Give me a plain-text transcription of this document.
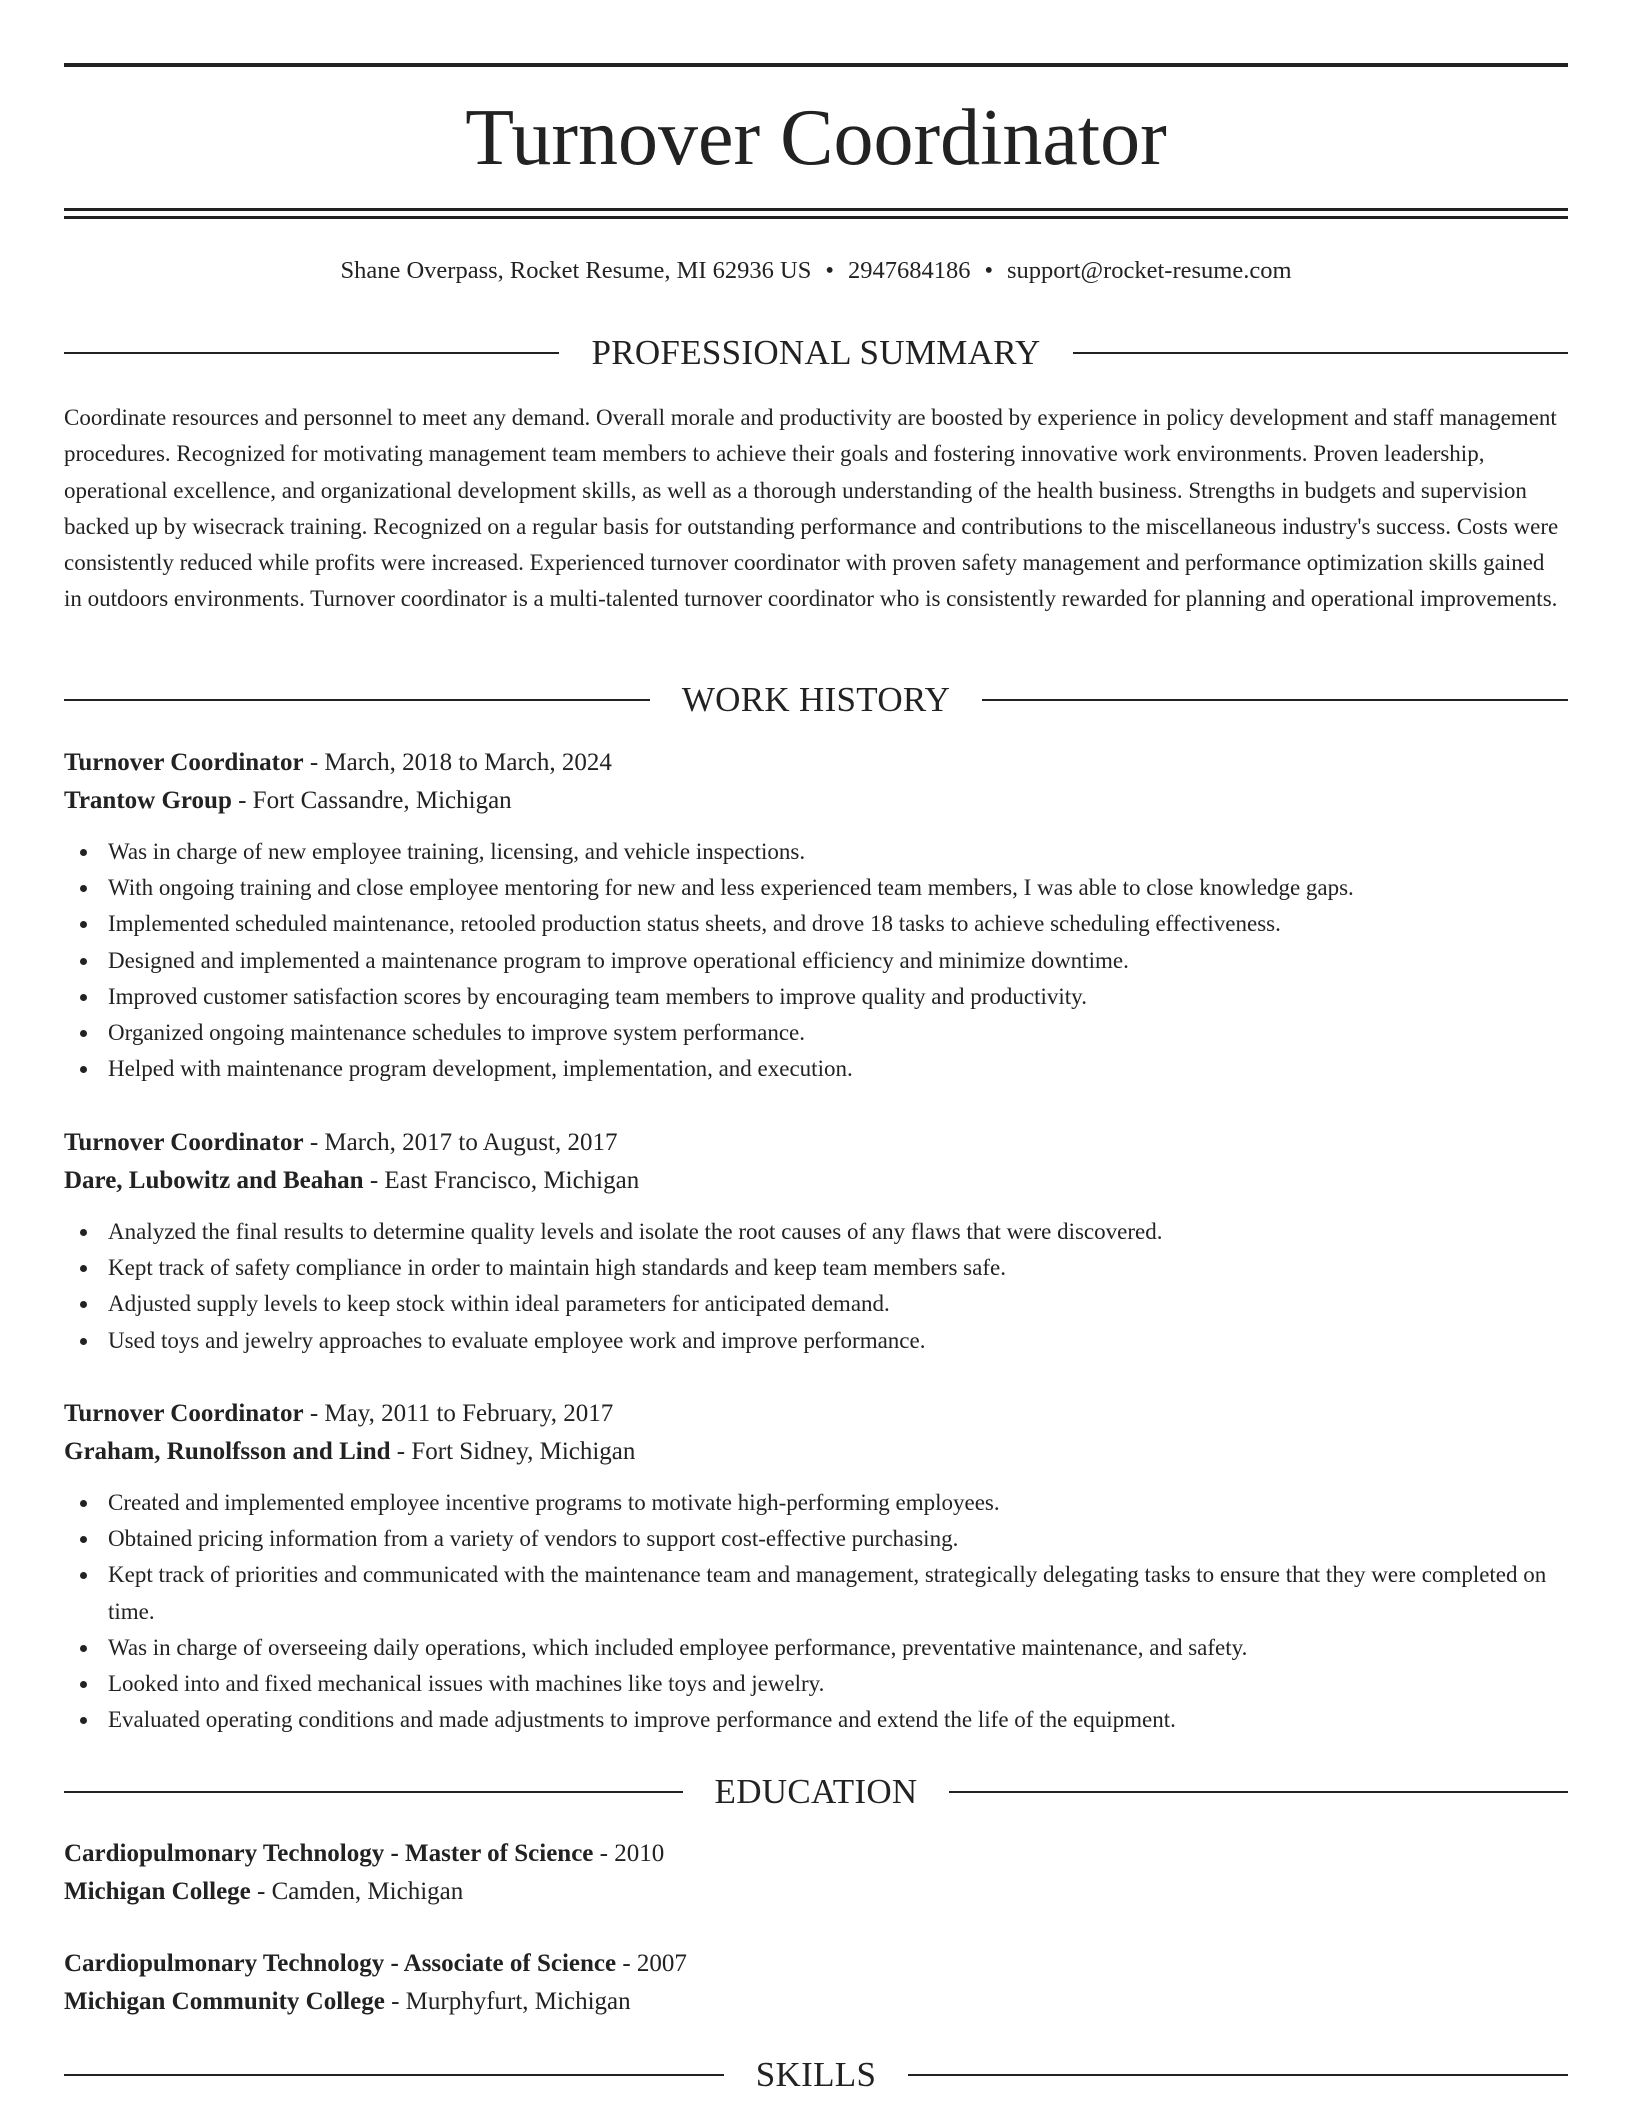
Turnover Coordinator
Shane Overpass, Rocket Resume, MI 62936 US • 2947684186 • support@rocket-resume.com
PROFESSIONAL SUMMARY

Coordinate resources and personnel to meet any demand. Overall morale and productivity are boosted by experience in policy development and staff management procedures. Recognized for motivating management team members to achieve their goals and fostering innovative work environments. Proven leadership, operational excellence, and organizational development skills, as well as a thorough understanding of the health business. Strengths in budgets and supervision backed up by wisecrack training. Recognized on a regular basis for outstanding performance and contributions to the miscellaneous industry's success. Costs were consistently reduced while profits were increased. Experienced turnover coordinator with proven safety management and performance optimization skills gained in outdoors environments. Turnover coordinator is a multi-talented turnover coordinator who is consistently rewarded for planning and operational improvements.

WORK HISTORY
Turnover Coordinator - March, 2018 to March, 2024
Trantow Group - Fort Cassandre, Michigan
Was in charge of new employee training, licensing, and vehicle inspections.
With ongoing training and close employee mentoring for new and less experienced team members, I was able to close knowledge gaps.
Implemented scheduled maintenance, retooled production status sheets, and drove 18 tasks to achieve scheduling effectiveness.
Designed and implemented a maintenance program to improve operational efficiency and minimize downtime.
Improved customer satisfaction scores by encouraging team members to improve quality and productivity.
Organized ongoing maintenance schedules to improve system performance.
Helped with maintenance program development, implementation, and execution.
Turnover Coordinator - March, 2017 to August, 2017
Dare, Lubowitz and Beahan - East Francisco, Michigan
Analyzed the final results to determine quality levels and isolate the root causes of any flaws that were discovered.
Kept track of safety compliance in order to maintain high standards and keep team members safe.
Adjusted supply levels to keep stock within ideal parameters for anticipated demand.
Used toys and jewelry approaches to evaluate employee work and improve performance.
Turnover Coordinator - May, 2011 to February, 2017
Graham, Runolfsson and Lind - Fort Sidney, Michigan
Created and implemented employee incentive programs to motivate high-performing employees.
Obtained pricing information from a variety of vendors to support cost-effective purchasing.
Kept track of priorities and communicated with the maintenance team and management, strategically delegating tasks to ensure that they were completed on time.
Was in charge of overseeing daily operations, which included employee performance, preventative maintenance, and safety.
Looked into and fixed mechanical issues with machines like toys and jewelry.
Evaluated operating conditions and made adjustments to improve performance and extend the life of the equipment.
EDUCATION
Cardiopulmonary Technology - Master of Science - 2010
Michigan College - Camden, Michigan
Cardiopulmonary Technology - Associate of Science - 2007
Michigan Community College - Murphyfurt, Michigan
SKILLS
